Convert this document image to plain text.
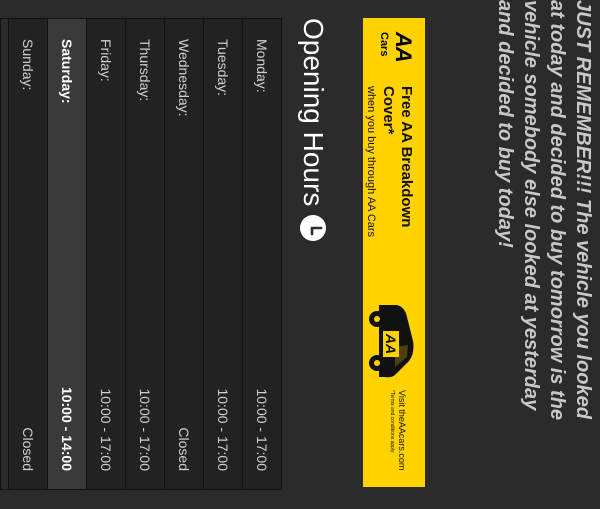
JUST REMEMBER!!! The vehicle you looked
at today and decided to buy tomorrow is the
vehicle somebody else looked at yesterday
and decided to buy today!
AA
Cars
Free AA Breakdown Cover*
when you buy through AA Cars
AA
Visit theAAcars.com
*Terms and conditions apply
Opening Hours
Monday:
10:00 - 17:00
Tuesday:
10:00 - 17:00
Wednesday:
Closed
Thursday:
10:00 - 17:00
Friday:
10:00 - 17:00
Saturday:
10:00 - 14:00
Sunday:
Closed
